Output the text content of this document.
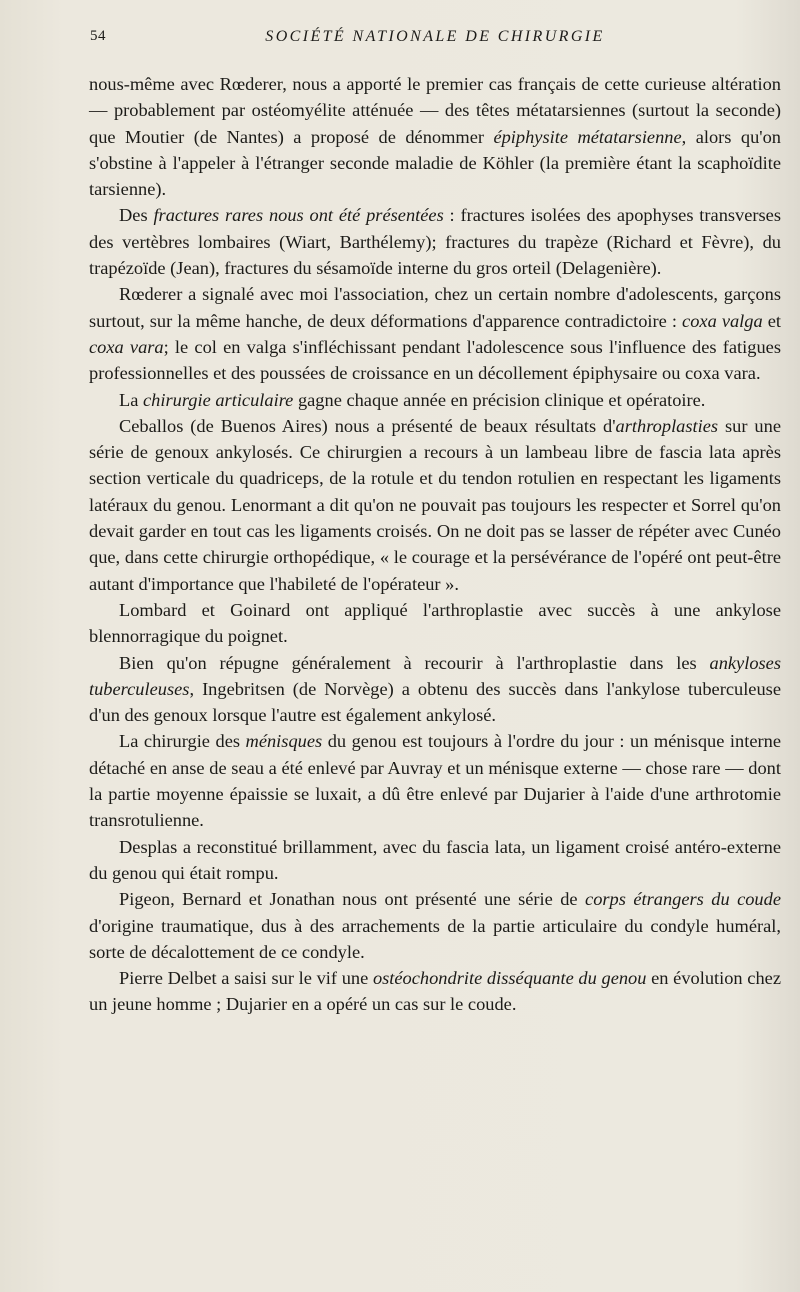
54	SOCIÉTÉ NATIONALE DE CHIRURGIE

nous-même avec Rœderer, nous a apporté le premier cas français de cette curieuse altération — probablement par ostéomyélite atténuée — des têtes métatarsiennes (surtout la seconde) que Moutier (de Nantes) a proposé de dénommer épiphysite métatarsienne, alors qu'on s'obstine à l'appeler à l'étranger seconde maladie de Köhler (la première étant la scaphoïdite tarsienne).

Des fractures rares nous ont été présentées : fractures isolées des apophyses transverses des vertèbres lombaires (Wiart, Barthélemy); fractures du trapèze (Richard et Fèvre), du trapézoïde (Jean), fractures du sésamoïde interne du gros orteil (Delagenière).

Rœderer a signalé avec moi l'association, chez un certain nombre d'adolescents, garçons surtout, sur la même hanche, de deux déformations d'apparence contradictoire : coxa valga et coxa vara; le col en valga s'infléchissant pendant l'adolescence sous l'influence des fatigues professionnelles et des poussées de croissance en un décollement épiphysaire ou coxa vara.

La chirurgie articulaire gagne chaque année en précision clinique et opératoire.

Ceballos (de Buenos Aires) nous a présenté de beaux résultats d'arthroplasties sur une série de genoux ankylosés. Ce chirurgien a recours à un lambeau libre de fascia lata après section verticale du quadriceps, de la rotule et du tendon rotulien en respectant les ligaments latéraux du genou. Lenormant a dit qu'on ne pouvait pas toujours les respecter et Sorrel qu'on devait garder en tout cas les ligaments croisés. On ne doit pas se lasser de répéter avec Cunéo que, dans cette chirurgie orthopédique, « le courage et la persévérance de l'opéré ont peut-être autant d'importance que l'habileté de l'opérateur ».

Lombard et Goinard ont appliqué l'arthroplastie avec succès à une ankylose blennorragique du poignet.

Bien qu'on répugne généralement à recourir à l'arthroplastie dans les ankyloses tuberculeuses, Ingebritsen (de Norvège) a obtenu des succès dans l'ankylose tuberculeuse d'un des genoux lorsque l'autre est également ankylosé.

La chirurgie des ménisques du genou est toujours à l'ordre du jour : un ménisque interne détaché en anse de seau a été enlevé par Auvray et un ménisque externe — chose rare — dont la partie moyenne épaissie se luxait, a dû être enlevé par Dujarier à l'aide d'une arthrotomie transrotulienne.

Desplas a reconstitué brillamment, avec du fascia lata, un ligament croisé antéro-externe du genou qui était rompu.

Pigeon, Bernard et Jonathan nous ont présenté une série de corps étrangers du coude d'origine traumatique, dus à des arrachements de la partie articulaire du condyle huméral, sorte de décalottement de ce condyle.

Pierre Delbet a saisi sur le vif une ostéochondrite disséquante du genou en évolution chez un jeune homme ; Dujarier en a opéré un cas sur le coude.
